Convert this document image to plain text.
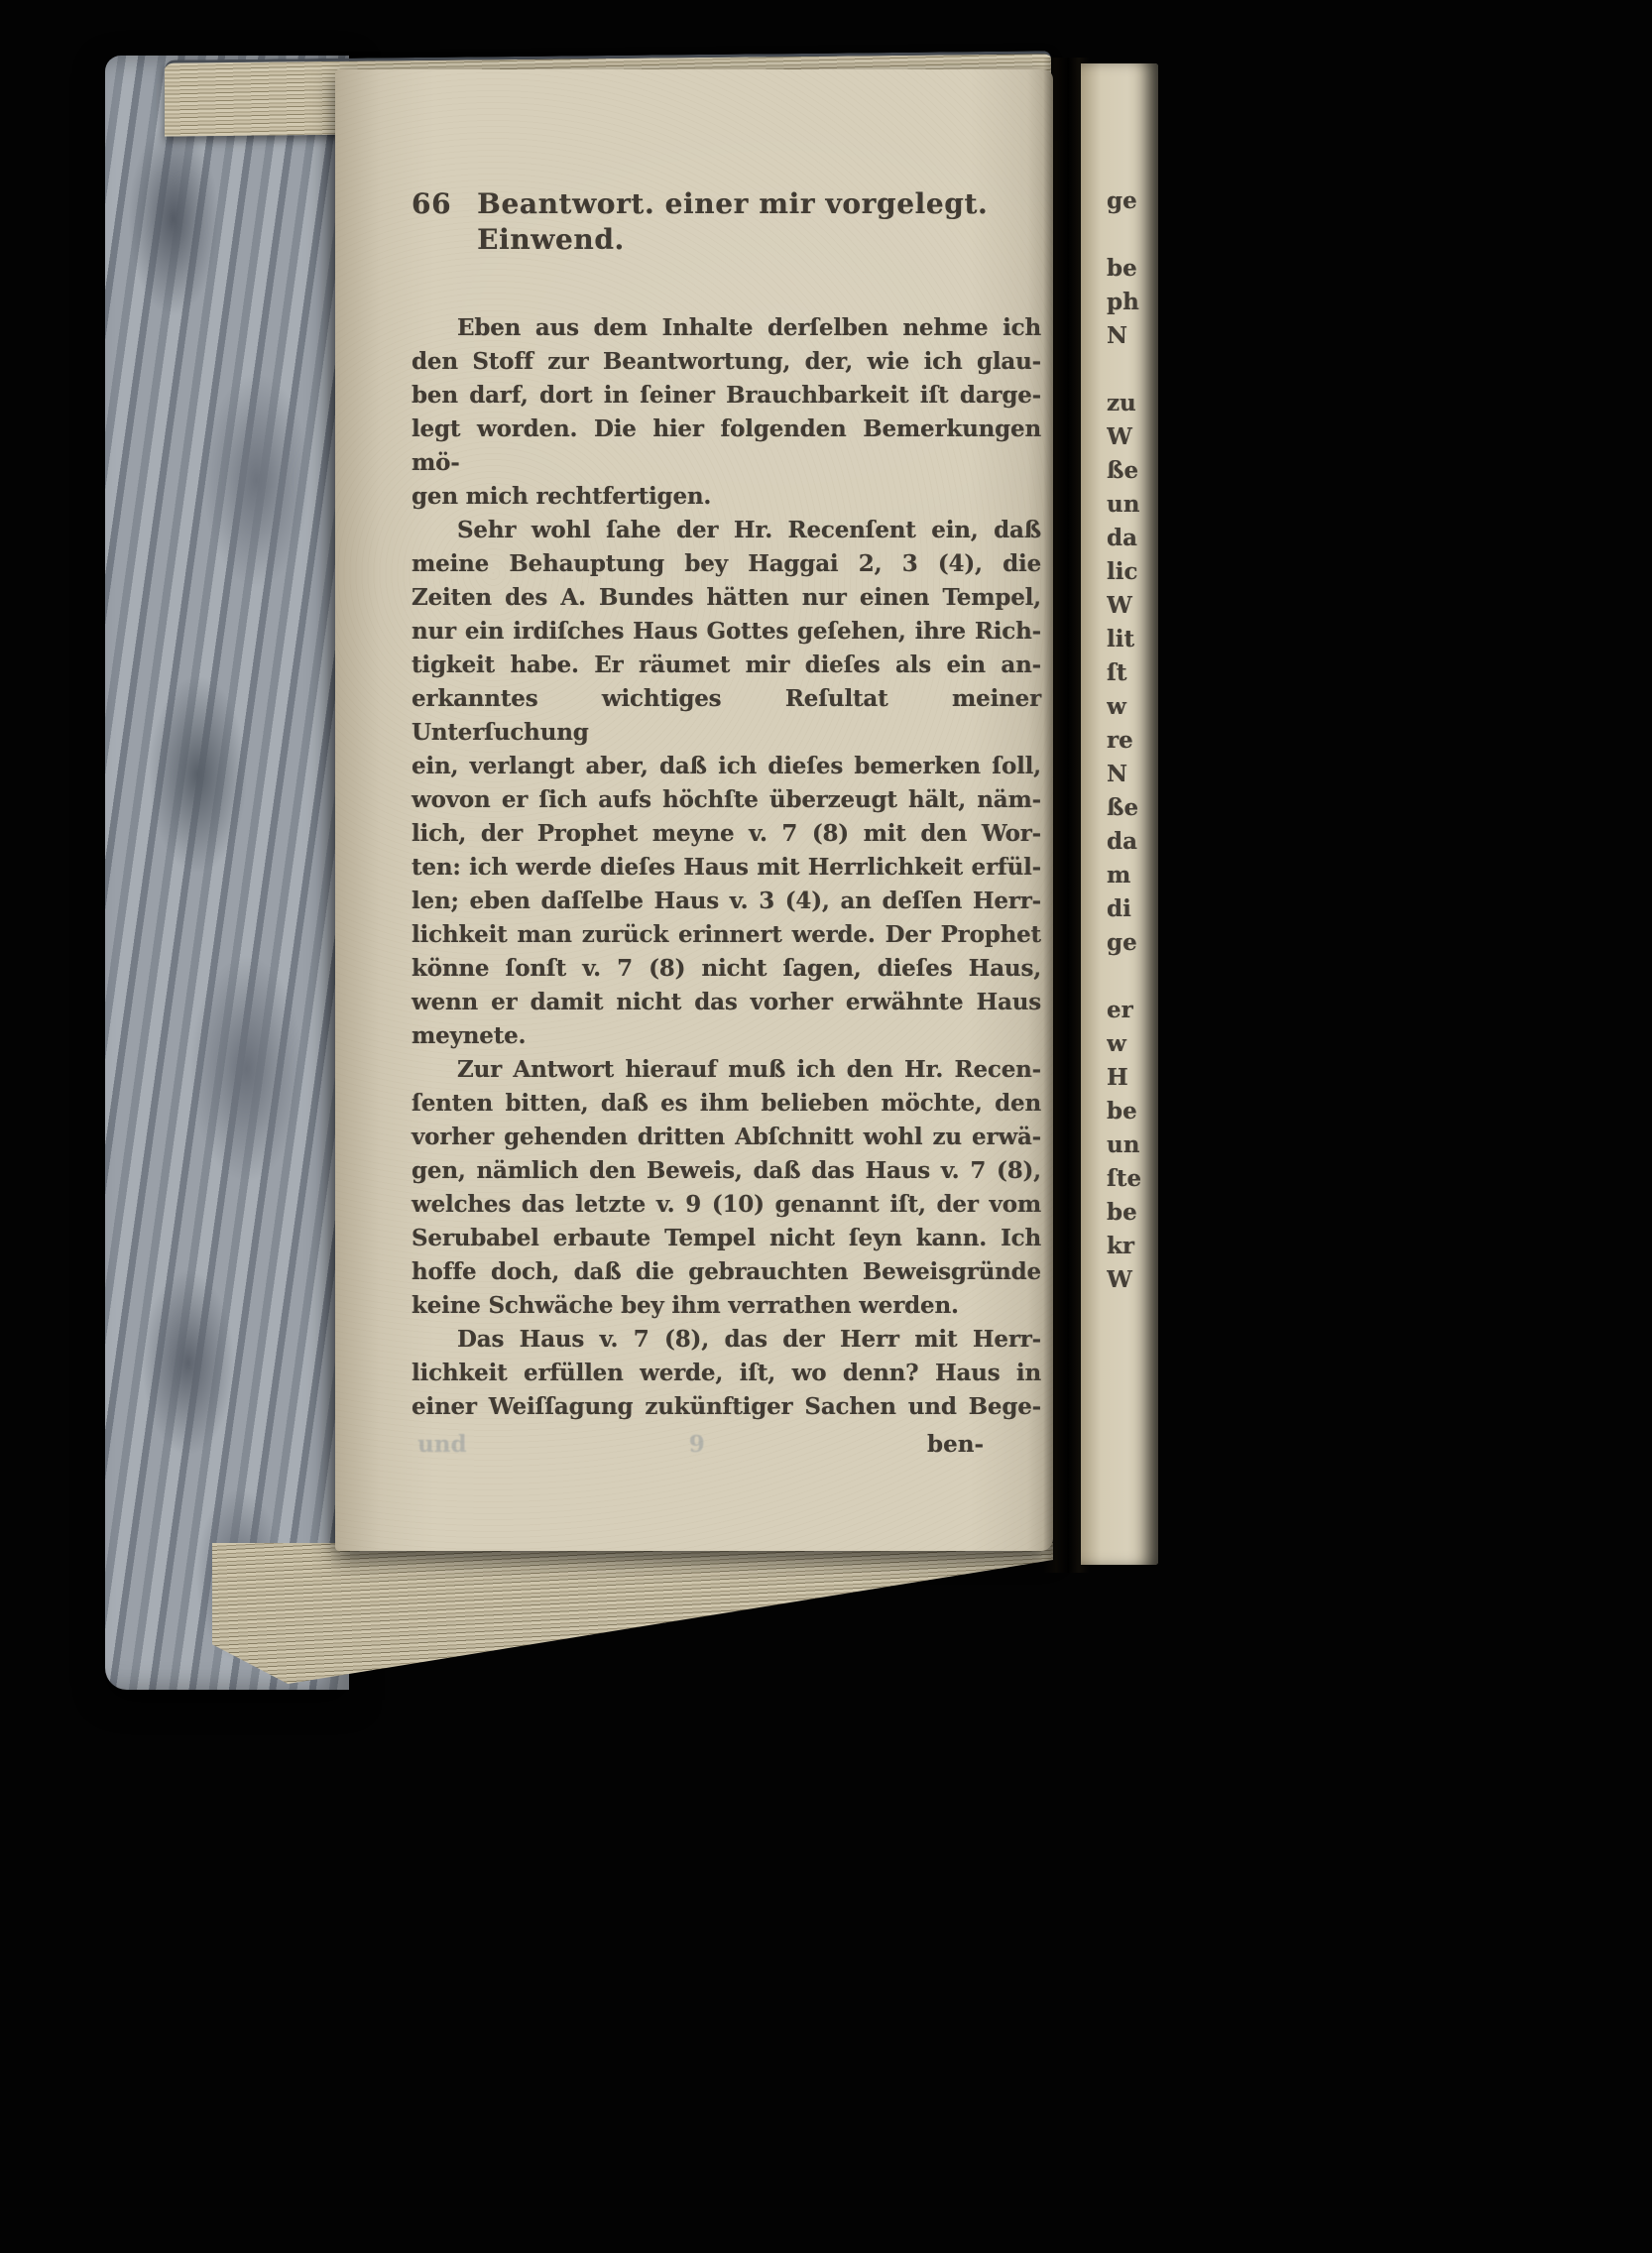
66 Beantwort. einer mir vorgelegt. Einwend.
Eben aus dem Inhalte derſelben nehme ich
den Stoff zur Beantwortung, der, wie ich glau-
ben darf, dort in ſeiner Brauchbarkeit iſt darge-
legt worden. Die hier folgenden Bemerkungen mö-
gen mich rechtfertigen.
Sehr wohl ſahe der Hr. Recenſent ein, daß
meine Behauptung bey Haggai 2, 3 (4), die
Zeiten des A. Bundes hätten nur einen Tempel,
nur ein irdiſches Haus Gottes geſehen, ihre Rich-
tigkeit habe. Er räumet mir dieſes als ein an-
erkanntes wichtiges Reſultat meiner Unterſuchung
ein, verlangt aber, daß ich dieſes bemerken ſoll,
wovon er ſich aufs höchſte überzeugt hält, näm-
lich, der Prophet meyne v. 7 (8) mit den Wor-
ten: ich werde dieſes Haus mit Herrlichkeit erfül-
len; eben daſſelbe Haus v. 3 (4), an deſſen Herr-
lichkeit man zurück erinnert werde. Der Prophet
könne ſonſt v. 7 (8) nicht ſagen, dieſes Haus,
wenn er damit nicht das vorher erwähnte Haus
meynete.
Zur Antwort hierauf muß ich den Hr. Recen-
ſenten bitten, daß es ihm belieben möchte, den
vorher gehenden dritten Abſchnitt wohl zu erwä-
gen, nämlich den Beweis, daß das Haus v. 7 (8),
welches das letzte v. 9 (10) genannt iſt, der vom
Serubabel erbaute Tempel nicht ſeyn kann. Ich
hoffe doch, daß die gebrauchten Beweisgründe
keine Schwäche bey ihm verrathen werden.
Das Haus v. 7 (8), das der Herr mit Herr-
lichkeit erfüllen werde, iſt, wo denn? Haus in
einer Weiſſagung zukünftiger Sachen und Bege-
und	9	ben-
ge
be
ph
N
zu
W
ße
un
da
lic
W
lit
ſt
w
re
N
ße
da
m
di
ge
er
w
H
be
un
ſte
be
kr
W
